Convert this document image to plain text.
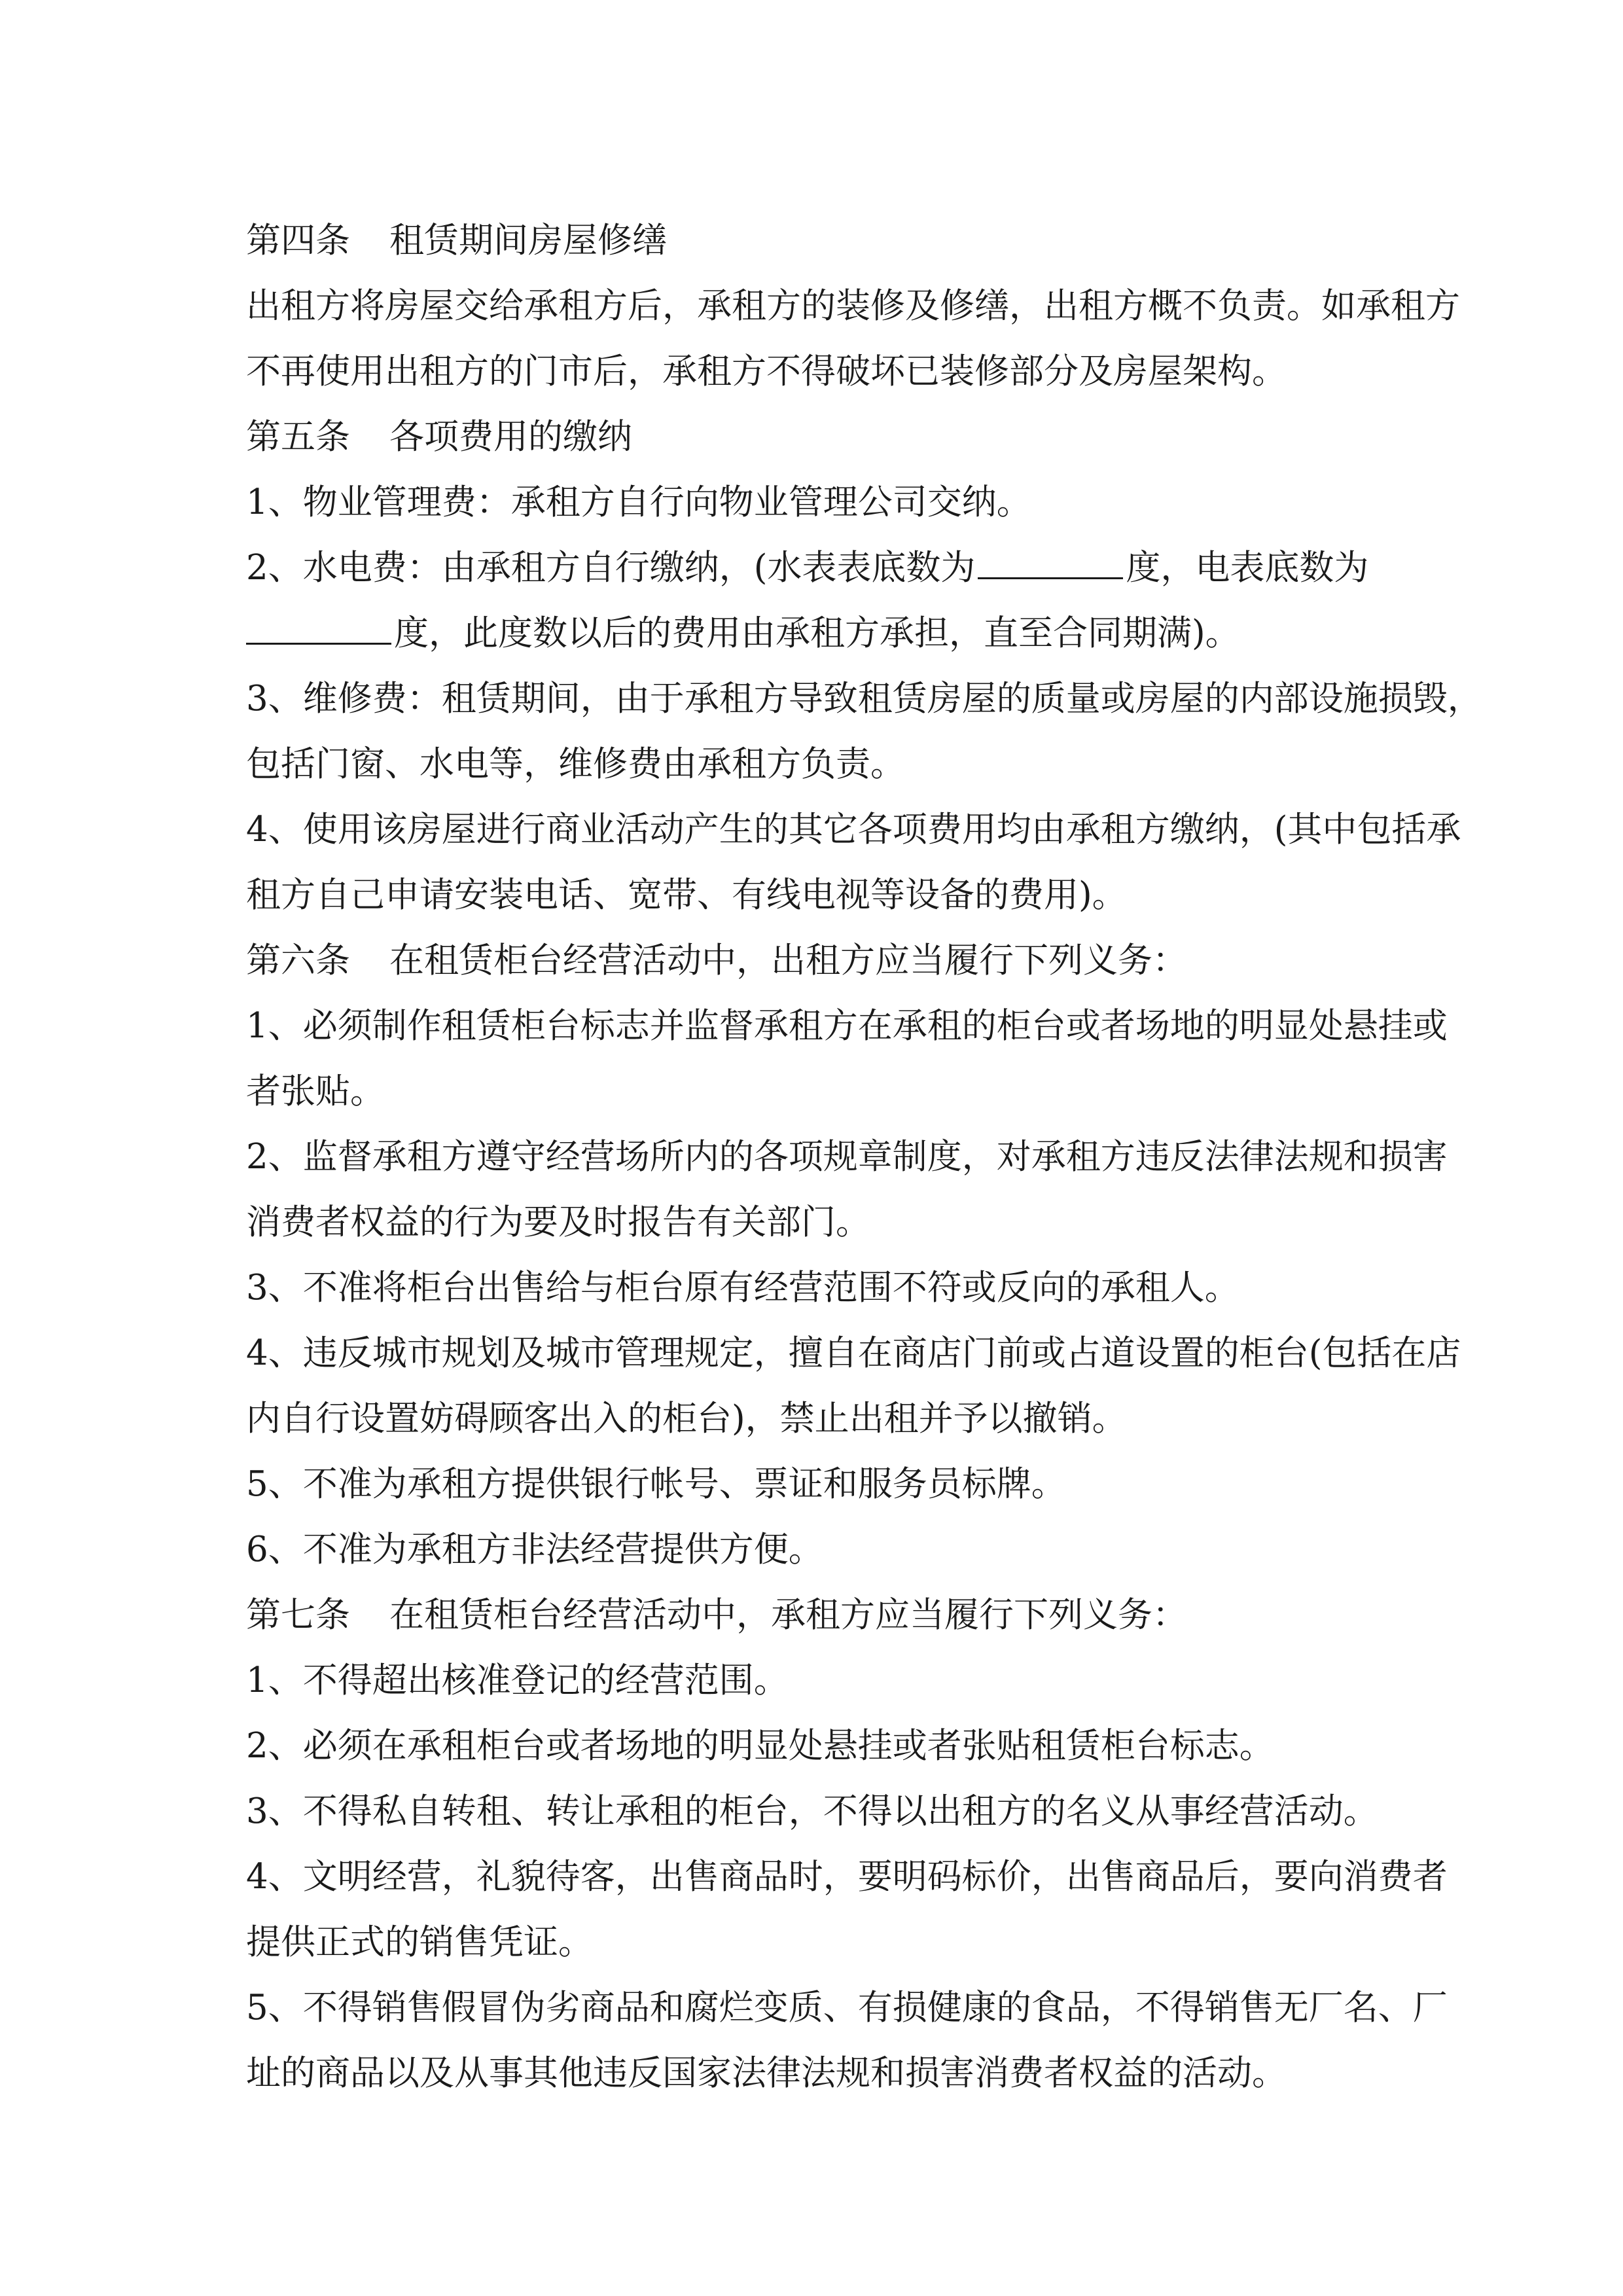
第四条 租赁期间房屋修缮
出租方将房屋交给承租方后，承租方的装修及修缮，出租方概不负责。如承租方
不再使用出租方的门市后，承租方不得破坏已装修部分及房屋架构。
第五条 各项费用的缴纳
1、物业管理费：承租方自行向物业管理公司交纳。
2、水电费：由承租方自行缴纳，(水表表底数为	度，电表底数为
度，此度数以后的费用由承租方承担，直至合同期满)。
3、维修费：租赁期间，由于承租方导致租赁房屋的质量或房屋的内部设施损毁，
包括门窗、水电等，维修费由承租方负责。
4、使用该房屋进行商业活动产生的其它各项费用均由承租方缴纳，(其中包括承
租方自己申请安装电话、宽带、有线电视等设备的费用)。
第六条 在租赁柜台经营活动中，出租方应当履行下列义务：
1、必须制作租赁柜台标志并监督承租方在承租的柜台或者场地的明显处悬挂或
者张贴。
2、监督承租方遵守经营场所内的各项规章制度，对承租方违反法律法规和损害
消费者权益的行为要及时报告有关部门。
3、不准将柜台出售给与柜台原有经营范围不符或反向的承租人。
4、违反城市规划及城市管理规定，擅自在商店门前或占道设置的柜台(包括在店
内自行设置妨碍顾客出入的柜台)，禁止出租并予以撤销。
5、不准为承租方提供银行帐号、票证和服务员标牌。
6、不准为承租方非法经营提供方便。
第七条 在租赁柜台经营活动中，承租方应当履行下列义务：
1、不得超出核准登记的经营范围。
2、必须在承租柜台或者场地的明显处悬挂或者张贴租赁柜台标志。
3、不得私自转租、转让承租的柜台，不得以出租方的名义从事经营活动。
4、文明经营，礼貌待客，出售商品时，要明码标价，出售商品后，要向消费者
提供正式的销售凭证。
5、不得销售假冒伪劣商品和腐烂变质、有损健康的食品，不得销售无厂名、厂
址的商品以及从事其他违反国家法律法规和损害消费者权益的活动。
